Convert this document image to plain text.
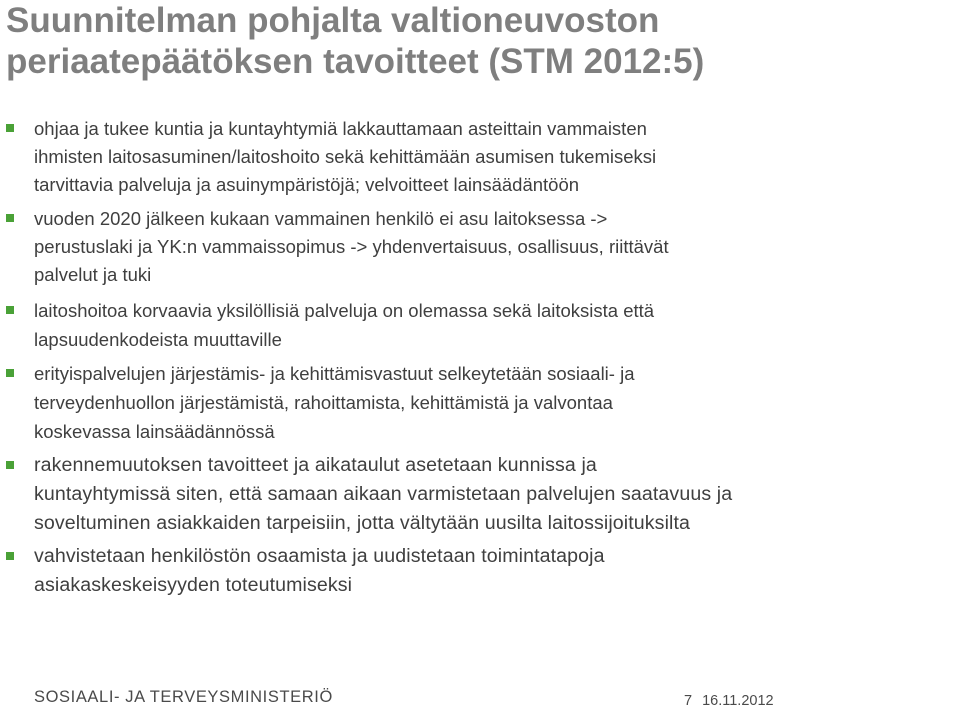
Suunnitelman pohjalta valtioneuvoston
periaatepäätöksen tavoitteet (STM 2012:5)
ohjaa ja tukee kuntia ja kuntayhtymiä lakkauttamaan asteittain vammaisten
ihmisten laitosasuminen/laitoshoito sekä kehittämään asumisen tukemiseksi
tarvittavia palveluja ja asuinympäristöjä; velvoitteet lainsäädäntöön
vuoden 2020 jälkeen kukaan vammainen henkilö ei asu laitoksessa ->
perustuslaki ja YK:n vammaissopimus -> yhdenvertaisuus, osallisuus, riittävät
palvelut ja tuki
laitoshoitoa korvaavia yksilöllisiä palveluja on olemassa sekä laitoksista että
lapsuudenkodeista muuttaville
erityispalvelujen järjestämis- ja kehittämisvastuut selkeytetään sosiaali- ja
terveydenhuollon järjestämistä, rahoittamista, kehittämistä ja valvontaa
koskevassa lainsäädännössä
rakennemuutoksen tavoitteet ja aikataulut asetetaan kunnissa ja
kuntayhtymissä siten, että samaan aikaan varmistetaan palvelujen saatavuus ja
soveltuminen asiakkaiden tarpeisiin, jotta vältytään uusilta laitossijoituksilta
vahvistetaan henkilöstön osaamista ja uudistetaan toimintatapoja
asiakaskeskeisyyden toteutumiseksi
SOSIAALI- JA TERVEYSMINISTERIÖ	7 16.11.2012
